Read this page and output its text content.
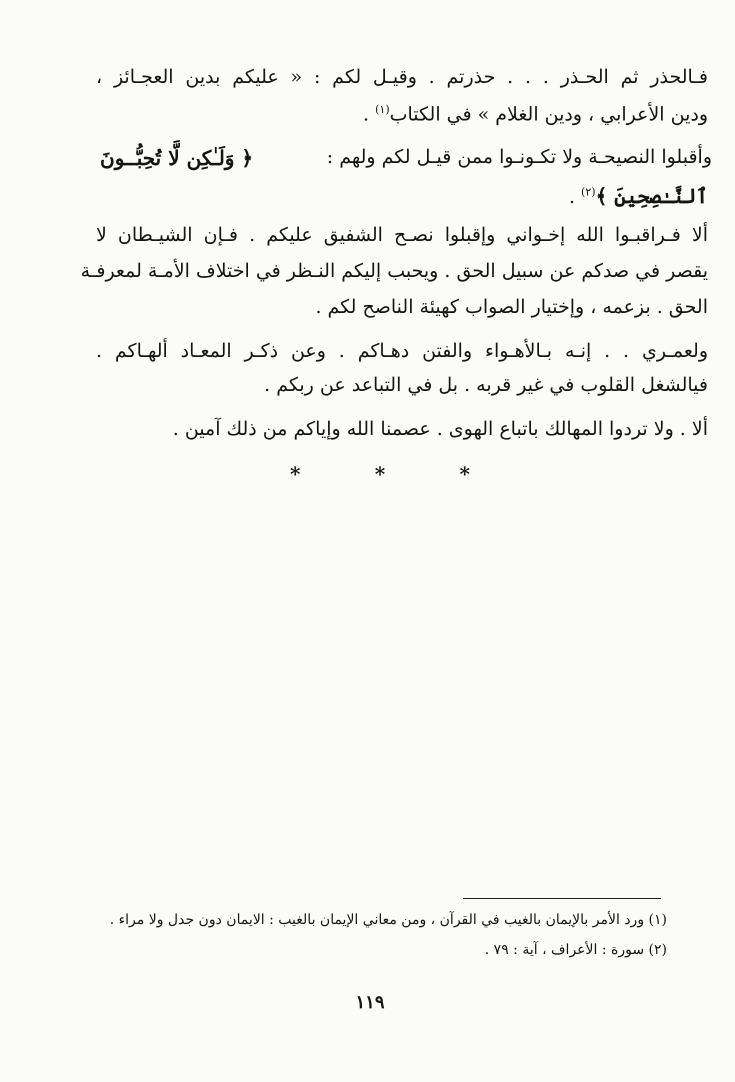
فـالحذر ثم الحـذر . . . حذرتم . وقيـل لكم : « عليكم بدين العجـائز ،
ودين الأعرابي ، ودين الغلام » في الكتاب$^{(١)}$ .
وأقبلوا النصيحـة ولا تكـونـوا ممن قيـل لكم ولهم :
﴿ وَلَـٰكِن لَّا تُحِبُّــونَ
ٱلنَّـٰصِحِينَ ﴾$^{(٢)}$ .
ألا فـراقبـوا الله إخـواني وإقبلوا نصـح الشفيق عليكم . فـإن الشيـطان لا
يقصر في صدكم عن سبيل الحق . ويحبب إليكم النـظر في اختلاف الأمـة لمعرفـة
الحق . بزعمه ، وإختيار الصواب كهيئة الناصح لكم .
ولعمـري . . إنـه بـالأهـواء والفتن دهـاكم . وعن ذكـر المعـاد ألهـاكم .
فيالشغل القلوب في غير قربه . بل في التباعد عن ربكم .
ألا . ولا تردوا المهالك باتباع الهوى . عصمنا الله وإياكم من ذلك آمين .
*	*	*
(١) ورد الأمر بالإيمان بالغيب في القرآن ، ومن معاني الإيمان بالغيب : الايمان دون جدل ولا مراء .
(٢) سورة : الأعراف ، آية : ٧٩ .
١١٩
